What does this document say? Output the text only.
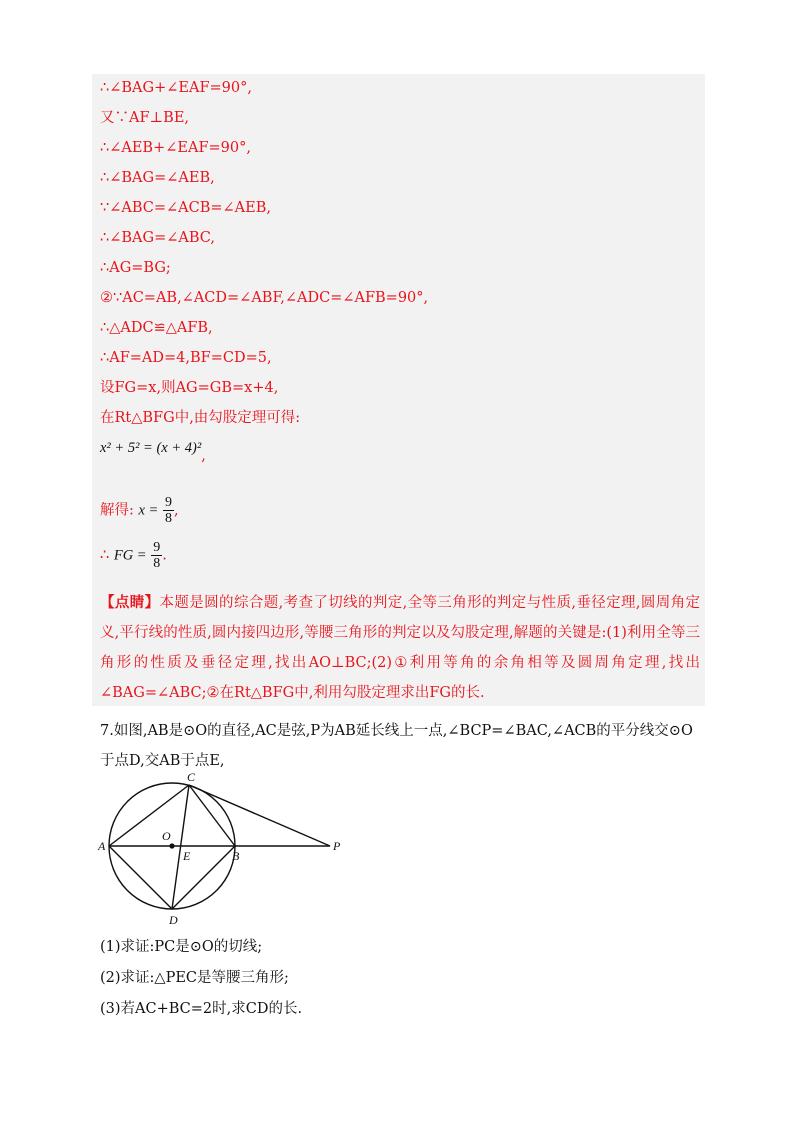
∴∠BAG+∠EAF=90°,
又∵AF⊥BE,
∴∠AEB+∠EAF=90°,
∴∠BAG=∠AEB,
∵∠ABC=∠ACB=∠AEB,
∴∠BAG=∠ABC,
∴AG=BG;
②∵AC=AB,∠ACD=∠ABF,∠ADC=∠AFB=90°,
∴△ADC≌△AFB,
∴AF=AD=4,BF=CD=5,
设FG=x,则AG=GB=x+4,
在Rt△BFG中,由勾股定理可得:
x² + 5² = (x + 4)²,
解得: $x = \frac{9}{8}$ ,
∴ FG = $\frac{9}{8}$ .
【点睛】本题是圆的综合题,考查了切线的判定,全等三角形的判定与性质,垂径定理,圆周角定义,平行线的性质,圆内接四边形,等腰三角形的判定以及勾股定理,解题的关键是:(1)利用全等三角形的性质及垂径定理,找出AO⊥BC;(2)①利用等角的余角相等及圆周角定理,找出∠BAG=∠ABC;②在Rt△BFG中,利用勾股定理求出FG的长.
7.如图,AB是⊙O的直径,AC是弦,P为AB延长线上一点,∠BCP=∠BAC,∠ACB的平分线交⊙O于点D,交AB于点E,
A
B
C
D
E
O
P
(1)求证:PC是⊙O的切线;
(2)求证:△PEC是等腰三角形;
(3)若AC+BC=2时,求CD的长.
